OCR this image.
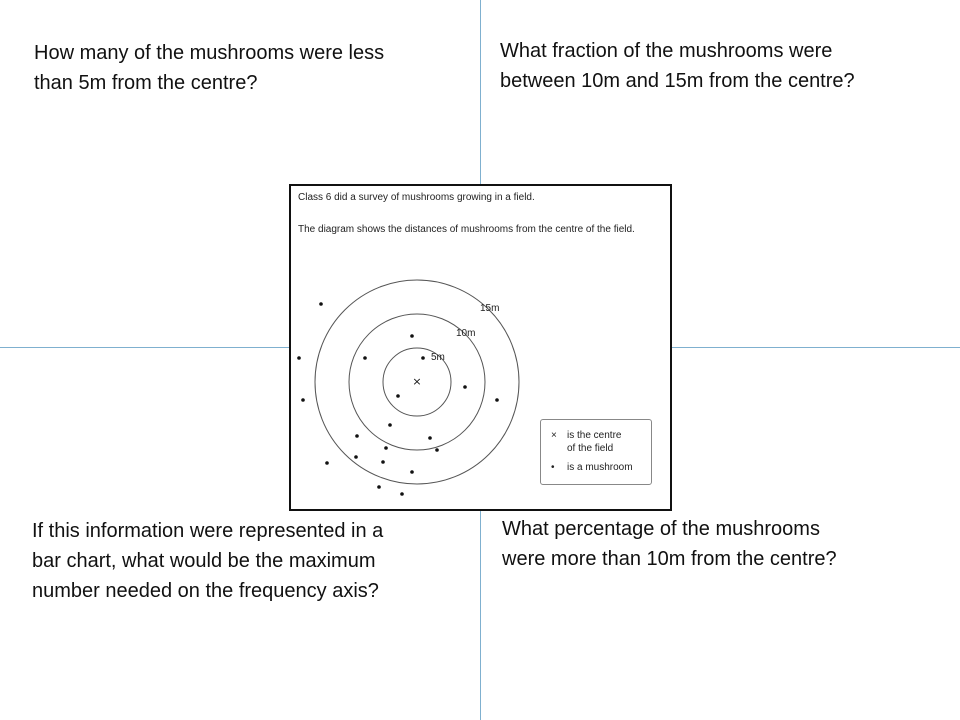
How many of the mushrooms were less
than 5m from the centre?

What fraction of the mushrooms were
between 10m and 15m from the centre?

If this information were represented in a
bar chart, what would be the maximum
number needed on the frequency axis?

What percentage of the mushrooms
were more than 10m from the centre?

Class 6 did a survey of mushrooms growing in a field.

The diagram shows the distances of mushrooms from the centre of the field.

5m
10m
15m
×
×	is the centre
of the field
•	is a mushroom
